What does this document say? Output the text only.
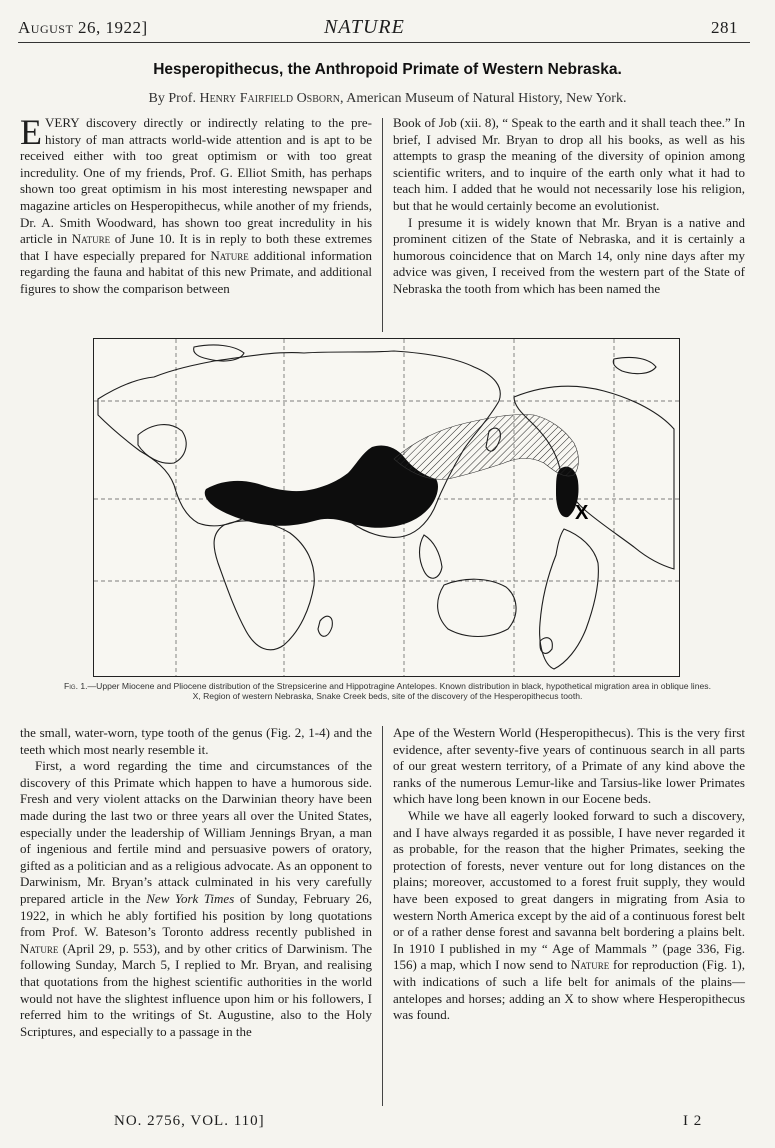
August 26, 1922]	NATURE	281
Hesperopithecus, the Anthropoid Primate of Western Nebraska.
By Prof. Henry Fairfield Osborn, American Museum of Natural History, New York.

EVERY discovery directly or indirectly relating to the pre-history of man attracts world-wide attention and is apt to be received either with too great optimism or with too great incredulity. One of my friends, Prof. G. Elliot Smith, has perhaps shown too great optimism in his most interesting newspaper and magazine articles on Hesperopithecus, while another of my friends, Dr. A. Smith Woodward, has shown too great incredulity in his article in Nature of June 10. It is in reply to both these extremes that I have especially prepared for Nature additional information regarding the fauna and habitat of this new Primate, and additional figures to show the comparison between

Book of Job (xii. 8), “ Speak to the earth and it shall teach thee.” In brief, I advised Mr. Bryan to drop all his books, as well as his attempts to grasp the meaning of the diversity of opinion among scientific writers, and to inquire of the earth only what it had to teach him. I added that he would not necessarily lose his religion, but that he would certainly become an evolutionist.

I presume it is widely known that Mr. Bryan is a native and prominent citizen of the State of Nebraska, and it is certainly a humorous coincidence that on March 14, only nine days after my advice was given, I received from the western part of the State of Nebraska the tooth from which has been named the

X
Fig. 1.—Upper Miocene and Pliocene distribution of the Strepsicerine and Hippotragine Antelopes. Known distribution in black, hypothetical migration area in oblique lines.
X, Region of western Nebraska, Snake Creek beds, site of the discovery of the Hesperopithecus tooth.

the small, water-worn, type tooth of the genus (Fig. 2, 1-4) and the teeth which most nearly resemble it.

First, a word regarding the time and circumstances of the discovery of this Primate which happen to have a humorous side. Fresh and very violent attacks on the Darwinian theory have been made during the last two or three years all over the United States, especially under the leadership of William Jennings Bryan, a man of ingenious and fertile mind and persuasive powers of oratory, gifted as a politician and as a religious advocate. As an opponent to Darwinism, Mr. Bryan’s attack culminated in his very carefully prepared article in the New York Times of Sunday, February 26, 1922, in which he ably fortified his position by long quotations from Prof. W. Bateson’s Toronto address recently published in Nature (April 29, p. 553), and by other critics of Darwinism. The following Sunday, March 5, I replied to Mr. Bryan, and realising that quotations from the highest scientific authorities in the world would not have the slightest influence upon him or his followers, I referred him to the writings of St. Augustine, also to the Holy Scriptures, and especially to a passage in the

Ape of the Western World (Hesperopithecus). This is the very first evidence, after seventy-five years of continuous search in all parts of our great western territory, of a Primate of any kind above the ranks of the numerous Lemur-like and Tarsius-like lower Primates which have long been known in our Eocene beds.

While we have all eagerly looked forward to such a discovery, and I have always regarded it as possible, I have never regarded it as probable, for the reason that the higher Primates, seeking the protection of forests, never venture out for long distances on the plains; moreover, accustomed to a forest fruit supply, they would have been exposed to great dangers in migrating from Asia to western North America except by the aid of a continuous forest belt or of a rather dense forest and savanna belt bordering a plains belt. In 1910 I published in my “ Age of Mammals ” (page 336, Fig. 156) a map, which I now send to Nature for reproduction (Fig. 1), with indications of such a life belt for animals of the plains—antelopes and horses; adding an X to show where Hesperopithecus was found.

NO. 2756, VOL. 110]	I 2
